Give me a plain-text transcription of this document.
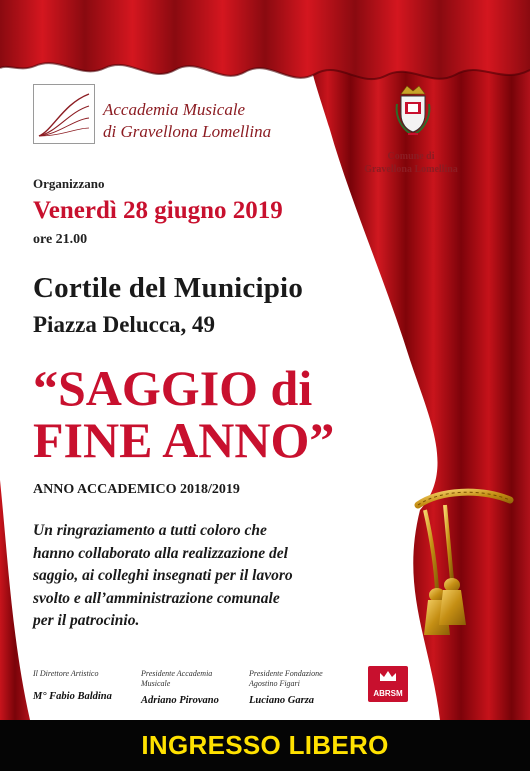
Accademia Musicale
di Gravellona Lomellina
Comune di
Gravellona Lomellina
Organizzano
Venerdì 28 giugno 2019
ore 21.00
Cortile del Municipio
Piazza Delucca, 49
“SAGGIO di
FINE ANNO”
ANNO ACCADEMICO 2018/2019
Un ringraziamento a tutti coloro che
hanno collaborato alla realizzazione del
saggio, ai colleghi insegnati per il lavoro
svolto e all’amministrazione comunale
per il patrocinio.
Il Direttore Artistico
M° Fabio Baldina
Presidente Accademia
Musicale
Adriano Pirovano
Presidente Fondazione
Agostino Figari
Luciano Garza
ABRSM
INGRESSO LIBERO
